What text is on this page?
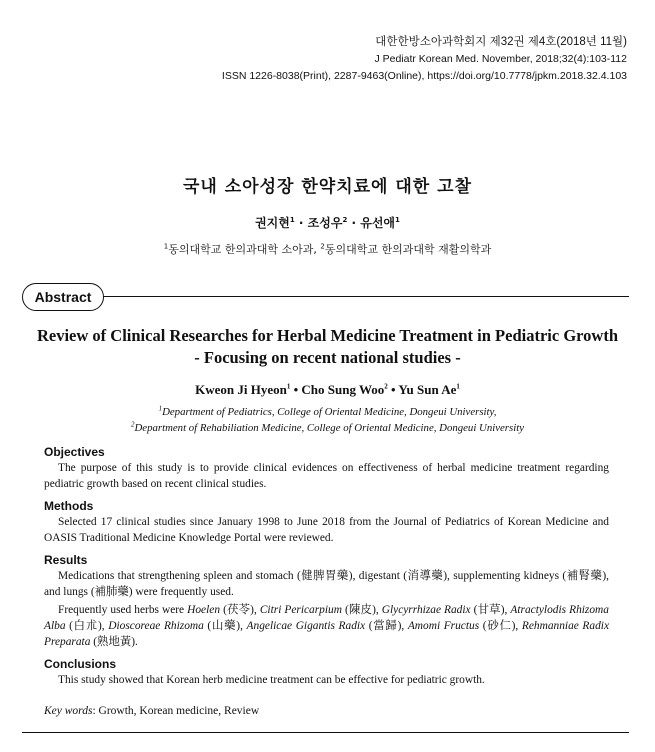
대한한방소아과학회지 제32권 제4호(2018년 11월)
J Pediatr Korean Med. November, 2018;32(4):103-112
ISSN 1226-8038(Print), 2287-9463(Online), https://doi.org/10.7778/jpkm.2018.32.4.103
국내 소아성장 한약치료에 대한 고찰
권지현$^1$ · 조성우$^2$ · 유선애$^1$
$^1$동의대학교 한의과대학 소아과, $^2$동의대학교 한의과대학 재활의학과
Abstract
Review of Clinical Researches for Herbal Medicine Treatment in Pediatric Growth
- Focusing on recent national studies -
Kweon Ji Hyeon$^1$ • Cho Sung Woo$^2$ • Yu Sun Ae$^1$
$^1$Department of Pediatrics, College of Oriental Medicine, Dongeui University,
$^2$Department of Rehabiliation Medicine, College of Oriental Medicine, Dongeui University
Objectives

The purpose of this study is to provide clinical evidences on effectiveness of herbal medicine treatment regarding pediatric growth based on recent clinical studies.

Methods

Selected 17 clinical studies since January 1998 to June 2018 from the Journal of Pediatrics of Korean Medicine and OASIS Traditional Medicine Knowledge Portal were reviewed.

Results

Medications that strengthening spleen and stomach (健脾胃藥), digestant (消導藥), supplementing kidneys (補腎藥), and lungs (補肺藥) were frequently used.

Frequently used herbs were Hoelen (茯苓), Citri Pericarpium (陳皮), Glycyrrhizae Radix (甘草), Atractylodis Rhizoma Alba (白朮), Dioscoreae Rhizoma (山藥), Angelicae Gigantis Radix (當歸), Amomi Fructus (砂仁), Rehmanniae Radix Preparata (熟地黃).

Conclusions

This study showed that Korean herb medicine treatment can be effective for pediatric growth.

Key words: Growth, Korean medicine, Review
